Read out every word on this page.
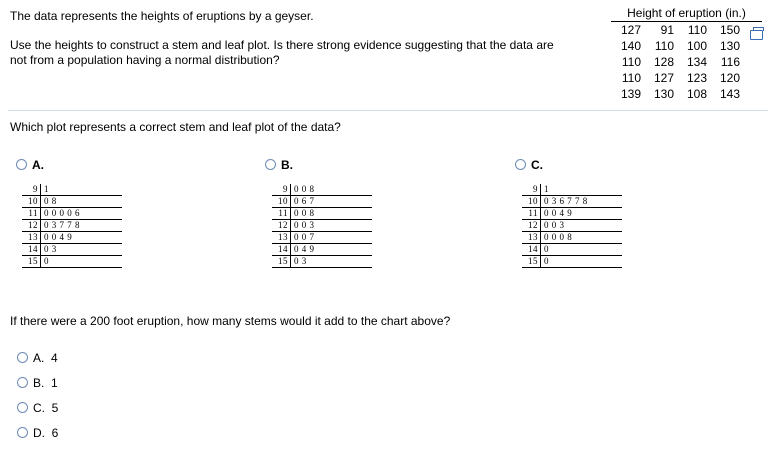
The data represents the heights of eruptions by a geyser.
Use the heights to construct a stem and leaf plot. Is there strong evidence suggesting that the data are
not from a population having a normal distribution?
Height of eruption (in.)
127	91	110	150
140	110	100	130
110	128	134	116
110	127	123	120
139	130	108	143
Which plot represents a correct stem and leaf plot of the data?
A.	B.	C.
9 1
10 0 8
11 0 0 0 0 6
12 0 3 7 7 8
13 0 0 4 9
14 0 3
15 0
9 0 0 8
10 0 6 7
11 0 0 8
12 0 0 3
13 0 0 7
14 0 4 9
15 0 3
9 1
10 0 3 6 7 7 8
11 0 0 4 9
12 0 0 3
13 0 0 0 8
14 0
15 0
If there were a 200 foot eruption, how many stems would it add to the chart above?
A. 4
B. 1
C. 5
D. 6
